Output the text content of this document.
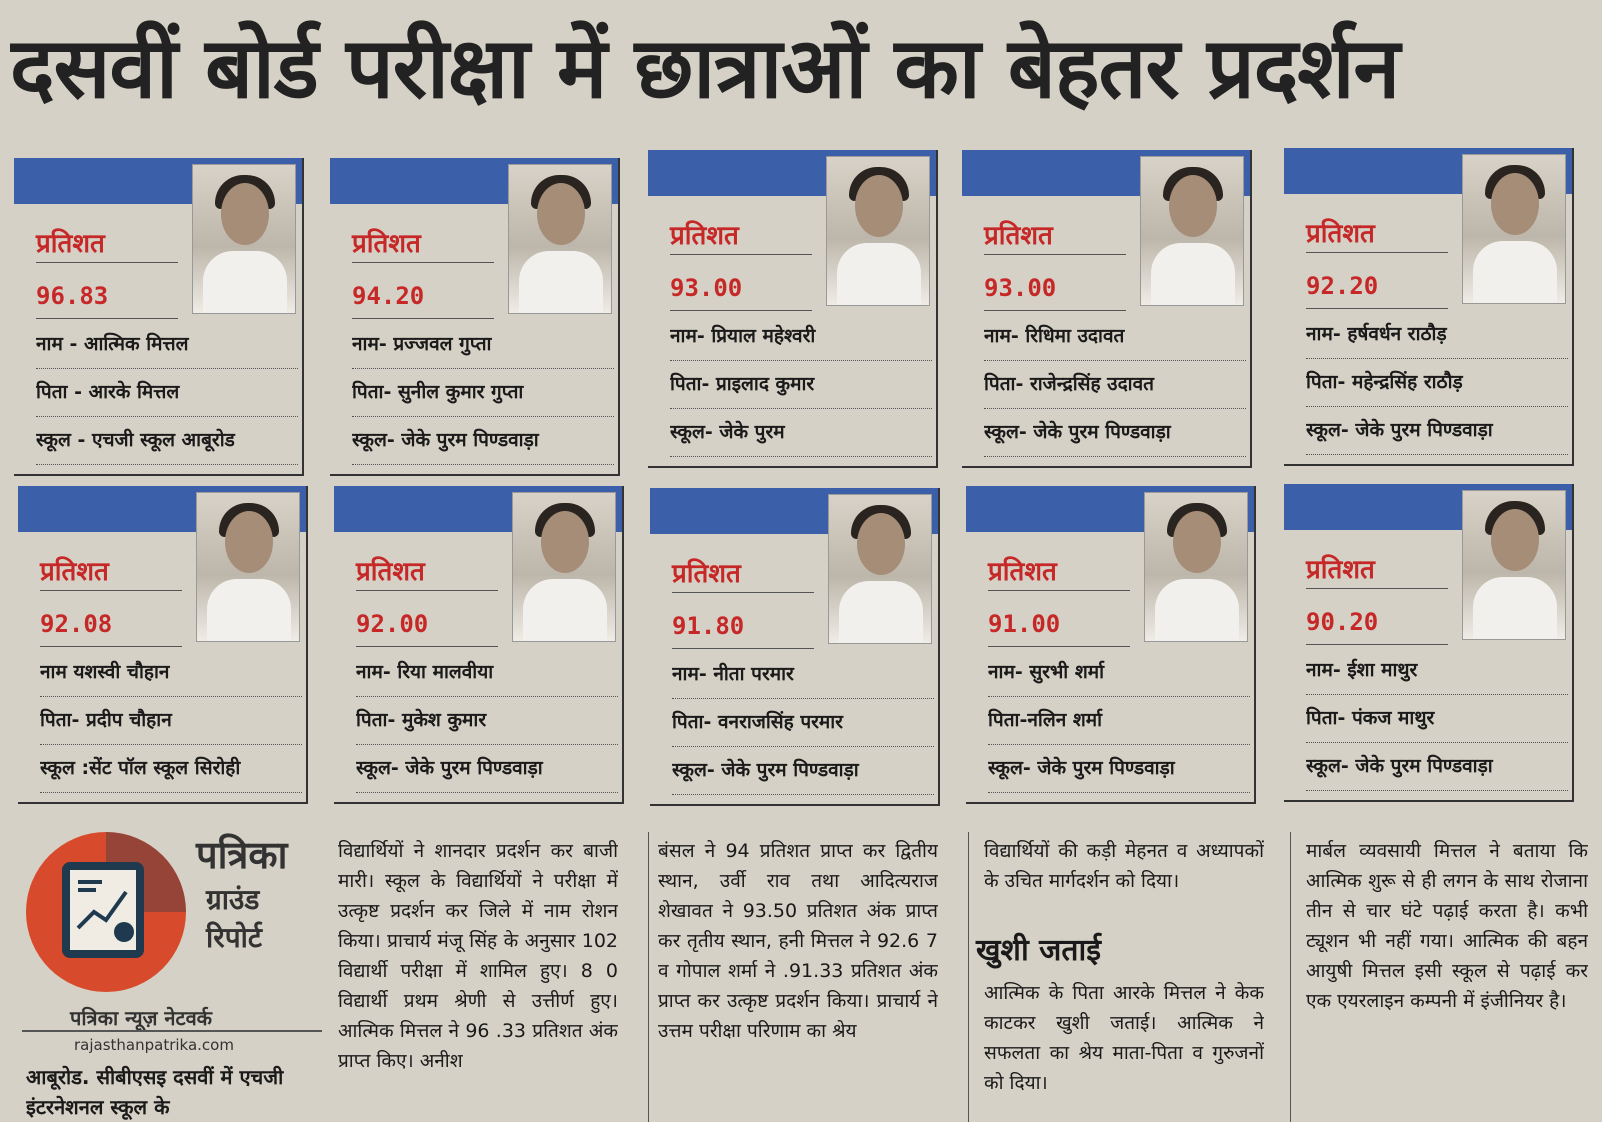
दसवीं बोर्ड परीक्षा में छात्राओं का बेहतर प्रदर्शन
प्रतिशत
96.83
नाम - आत्मिक मित्तल
पिता - आरके मित्तल
स्कूल - एचजी स्कूल आबूरोड
प्रतिशत
94.20
नाम- प्रज्जवल गुप्ता
पिता- सुनील कुमार गुप्ता
स्कूल- जेके पुरम पिण्डवाड़ा
प्रतिशत
93.00
नाम- प्रियाल महेश्वरी
पिता- प्राइलाद कुमार
स्कूल- जेके पुरम
प्रतिशत
93.00
नाम- रिधिमा उदावत
पिता- राजेन्द्रसिंह उदावत
स्कूल- जेके पुरम पिण्डवाड़ा
प्रतिशत
92.20
नाम- हर्षवर्धन राठौड़
पिता- महेन्द्रसिंह राठौड़
स्कूल- जेके पुरम पिण्डवाड़ा
प्रतिशत
92.08
नाम यशस्वी चौहान
पिता- प्रदीप चौहान
स्कूल :सेंट पॉल स्कूल सिरोही
प्रतिशत
92.00
नाम- रिया मालवीया
पिता- मुकेश कुमार
स्कूल- जेके पुरम पिण्डवाड़ा
प्रतिशत
91.80
नाम- नीता परमार
पिता- वनराजसिंह परमार
स्कूल- जेके पुरम पिण्डवाड़ा
प्रतिशत
91.00
नाम- सुरभी शर्मा
पिता-नलिन शर्मा
स्कूल- जेके पुरम पिण्डवाड़ा
प्रतिशत
90.20
नाम- ईशा माथुर
पिता- पंकज माथुर
स्कूल- जेके पुरम पिण्डवाड़ा
पत्रिका
ग्राउंड
रिपोर्ट
पत्रिका न्यूज़ नेटवर्क
rajasthanpatrika.com
आबूरोड. सीबीएसइ दसवीं में एचजी इंटरनेशनल स्कूल के
विद्यार्थियों ने शानदार प्रदर्शन कर बाजी मारी। स्कूल के विद्यार्थियों ने परीक्षा में उत्कृष्ट प्रदर्शन कर जिले में नाम रोशन किया। प्राचार्य मंजू सिंह के अनुसार 102 विद्यार्थी परीक्षा में शामिल हुए। 8 0 विद्यार्थी प्रथम श्रेणी से उत्तीर्ण हुए। आत्मिक मित्तल ने 96 .33 प्रतिशत अंक प्राप्त किए। अनीश
बंसल ने 94 प्रतिशत प्राप्त कर द्वितीय स्थान, उर्वी राव तथा आदित्यराज शेखावत ने 93.50 प्रतिशत अंक प्राप्त कर तृतीय स्थान, हनी मित्तल ने 92.6 7 व गोपाल शर्मा ने .91.33 प्रतिशत अंक प्राप्त कर उत्कृष्ट प्रदर्शन किया। प्राचार्य ने उत्तम परीक्षा परिणाम का श्रेय
विद्यार्थियों की कड़ी मेहनत व अध्यापकों के उचित मार्गदर्शन को दिया।
खुशी जताई
आत्मिक के पिता आरके मित्तल ने केक काटकर खुशी जताई। आत्मिक ने सफलता का श्रेय माता-पिता व गुरुजनों को दिया।
मार्बल व्यवसायी मित्तल ने बताया कि आत्मिक शुरू से ही लगन के साथ रोजाना तीन से चार घंटे पढ़ाई करता है। कभी ट्यूशन भी नहीं गया। आत्मिक की बहन आयुषी मित्तल इसी स्कूल से पढ़ाई कर एक एयरलाइन कम्पनी में इंजीनियर है।
